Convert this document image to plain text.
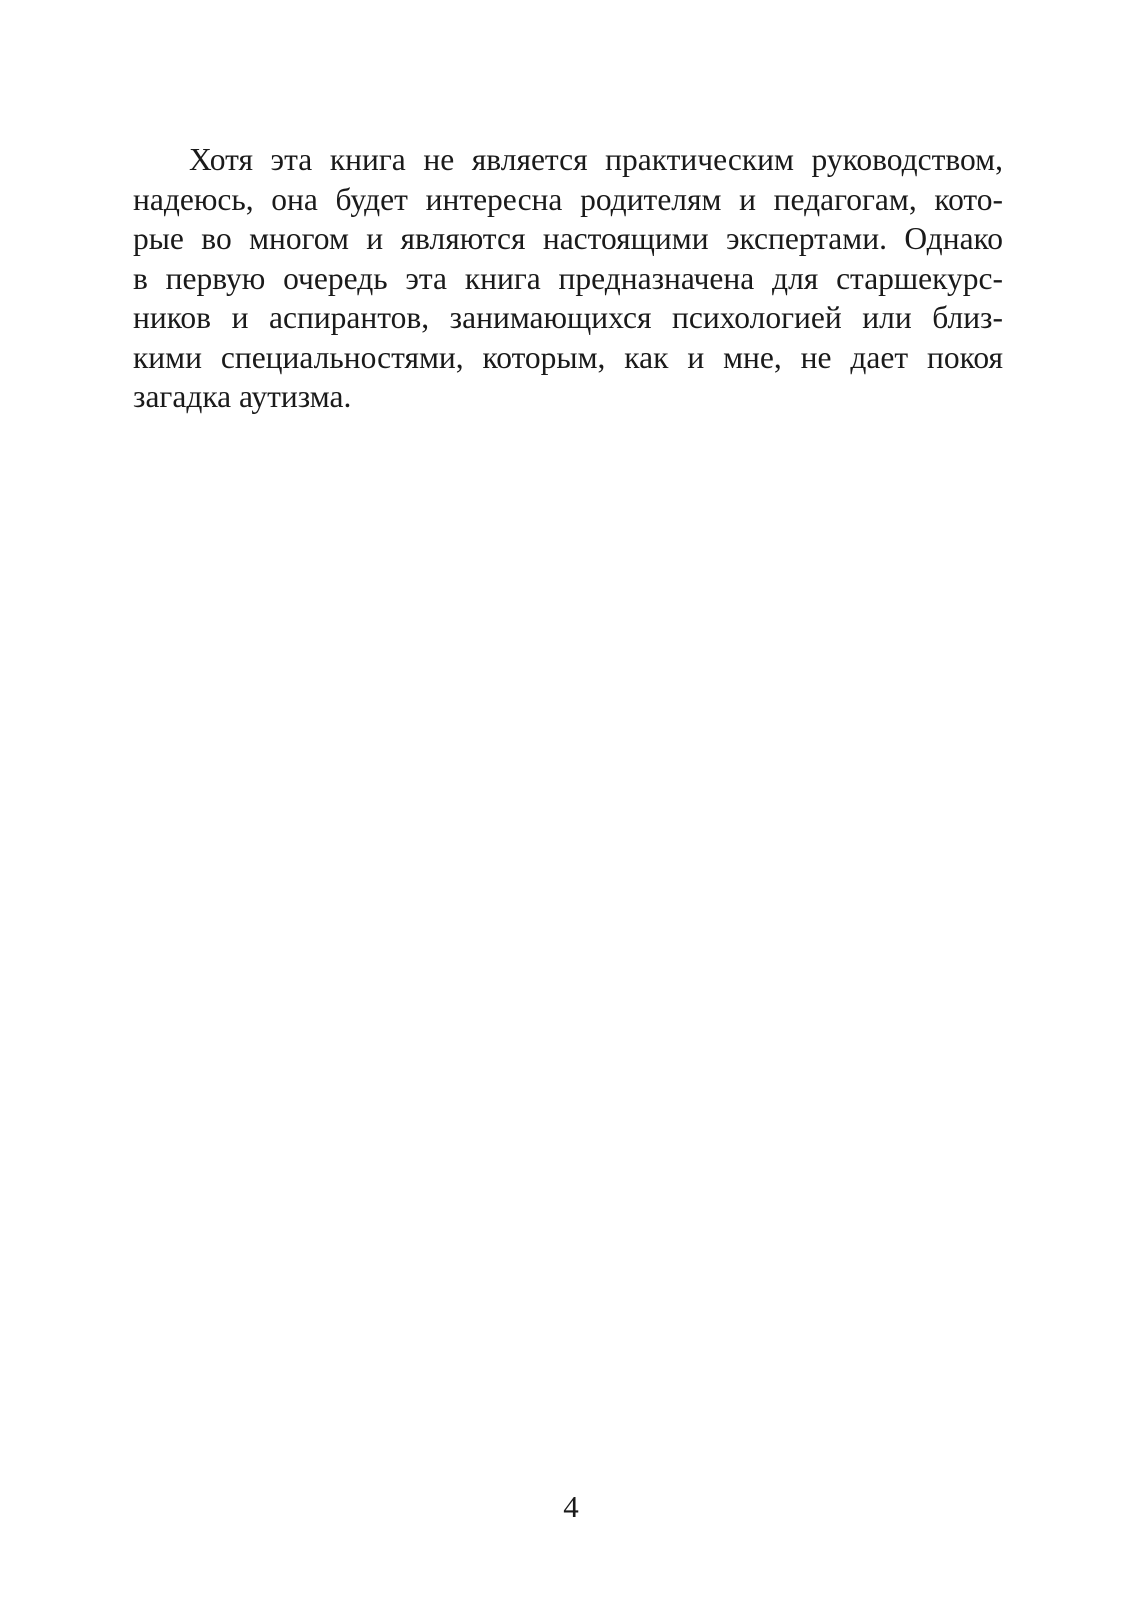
Хотя эта книга не является практическим руководством,
надеюсь, она будет интересна родителям и педагогам, кото-
рые во многом и являются настоящими экспертами. Однако
в первую очередь эта книга предназначена для старшекурс-
ников и аспирантов, занимающихся психологией или близ-
кими специальностями, которым, как и мне, не дает покоя
загадка аутизма.
4
